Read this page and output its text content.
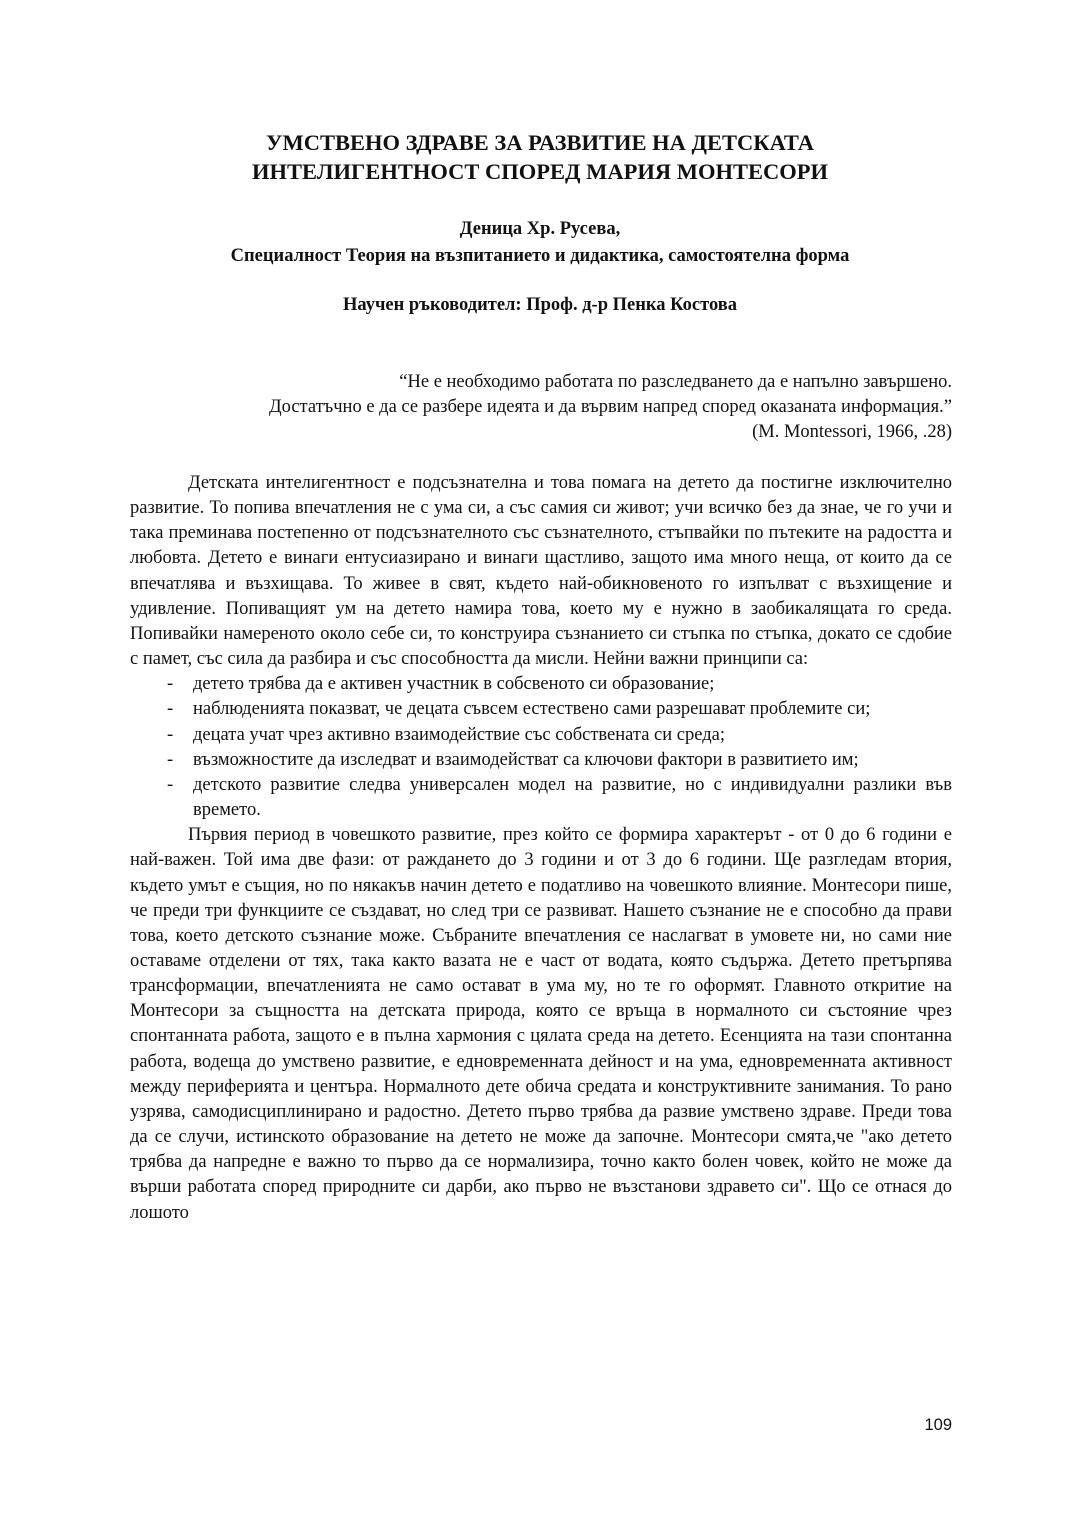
УМСТВЕНО ЗДРАВЕ ЗА РАЗВИТИЕ НА ДЕТСКАТА
ИНТЕЛИГЕНТНОСТ СПОРЕД МАРИЯ МОНТЕСОРИ
Деница Хр. Русева,
Специалност Теория на възпитанието и дидактика, самостоятелна форма
Научен ръководител: Проф. д-р Пенка Костова
“Не е необходимо работата по разследването да е напълно завършено.
Достатъчно е да се разбере идеята и да вървим напред според оказаната информация.”
(M. Montessori, 1966, .28)

Детската интелигентност е подсъзнателна и това помага на детето да постигне изключително развитие. То попива впечатления не с ума си, а със самия си живот; учи всичко без да знае, че го учи и така преминава постепенно от подсъзнателното със съзнателното, стъпвайки по пътеките на радостта и любовта. Детето е винаги ентусиазирано и винаги щастливо, защото има много неща, от които да се впечатлява и възхищава. То живее в свят, където най-обикновеното го изпълват с възхищение и удивление. Попиващият ум на детето намира това, което му е нужно в заобикалящата го среда. Попивайки намереното около себе си, то конструира съзнанието си стъпка по стъпка, докато се сдобие с памет, със сила да разбира и със способността да мисли. Нейни важни принципи са:

- детето трябва да е активен участник в собсвеното си образование;
- наблюденията показват, че децата съвсем естествено сами разрешават проблемите си;
- децата учат чрез активно взаимодействие със собствената си среда;
- възможностите да изследват и взаимодействат са ключови фактори в развитието им;
- детското развитие следва универсален модел на развитие, но с индивидуални разлики във времето.

Първия период в човешкото развитие, през който се формира характерът - от 0 до 6 години е най-важен. Той има две фази: от раждането до 3 години и от 3 до 6 години. Ще разгледам втория, където умът е същия, но по някакъв начин детето е податливо на човешкото влияние. Монтесори пише, че преди три функциите се създават, но след три се развиват. Нашето съзнание не е способно да прави това, което детското съзнание може. Събраните впечатления се наслагват в умовете ни, но сами ние оставаме отделени от тях, така както вазата не е част от водата, която съдържа. Детето претърпява трансформации, впечатленията не само остават в ума му, но те го оформят. Главното откритие на Монтесори за същността на детската природа, която се връща в нормалното си състояние чрез спонтанната работа, защото е в пълна хармония с цялата среда на детето. Есенцията на тази спонтанна работа, водеща до умствено развитие, е едновременната дейност и на ума, едновременната активност между периферията и центъра. Нормалното дете обича средата и конструктивните занимания. То рано узрява, самодисциплинирано и радостно. Детето първо трябва да развие умствено здраве. Преди това да се случи, истинското образование на детето не може да започне. Монтесори смята,че "ако детето трябва да напредне е важно то първо да се нормализира, точно както болен човек, който не може да върши работата според природните си дарби, ако първо не възстанови здравето си". Що се отнася до лошото

109
